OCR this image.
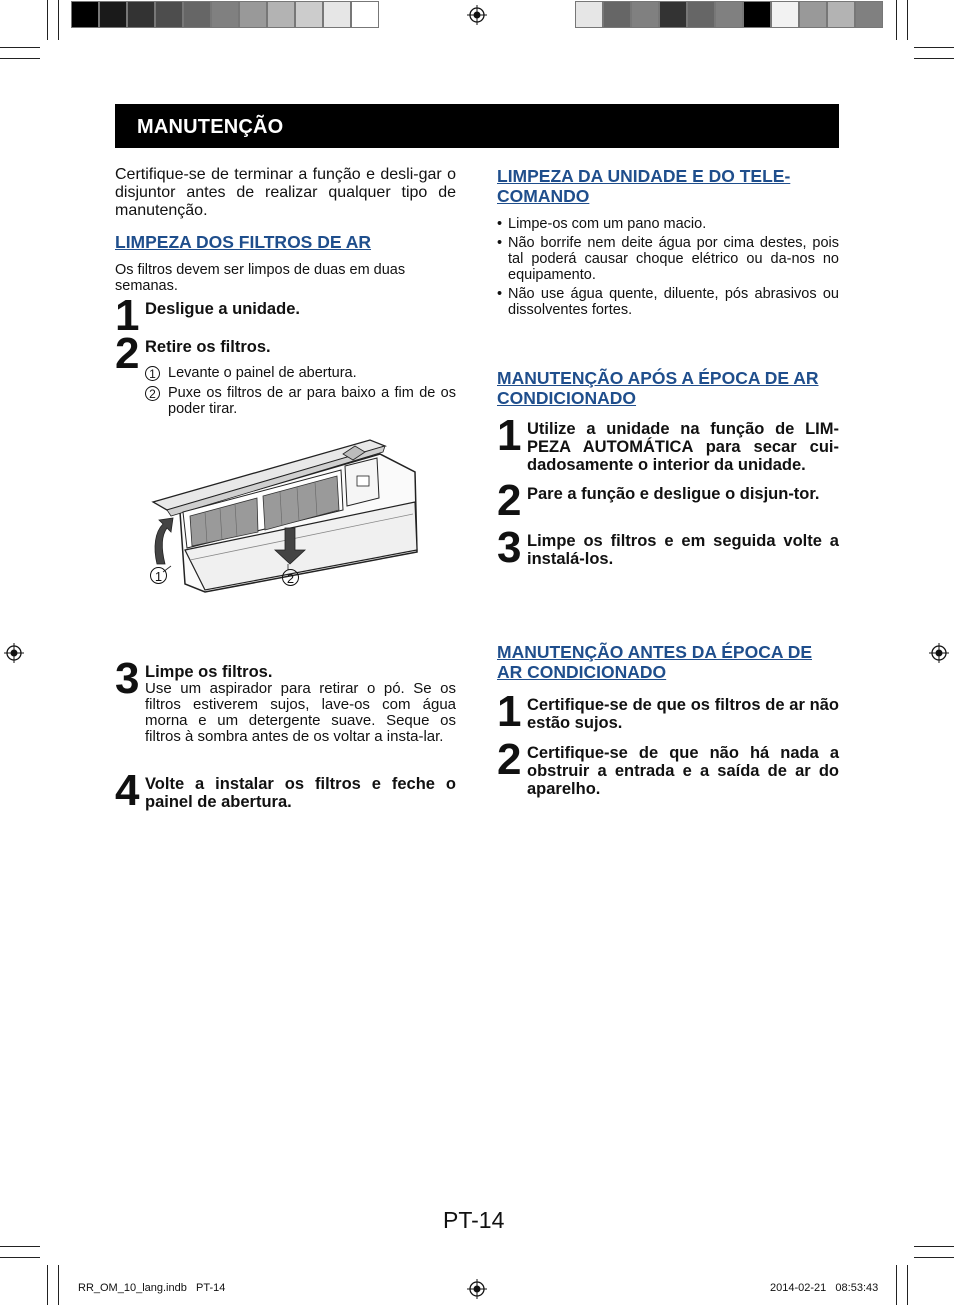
MANUTENÇÃO

Certifique-se de terminar a função e desli-gar o disjuntor antes de realizar qualquer tipo de manutenção.

LIMPEZA DOS FILTROS DE AR

Os filtros devem ser limpos de duas em duas semanas.

1 Desligue a unidade.

2 Retire os filtros.

1 Levante o painel de abertura.

2 Puxe os filtros de ar para baixo a fim de os poder tirar.

1	2
3 Limpe os filtros.

Use um aspirador para retirar o pó. Se os filtros estiverem sujos, lave-os com água morna e um detergente suave. Seque os filtros à sombra antes de os voltar a insta-lar.

4 Volte a instalar os filtros e feche o painel de abertura.

LIMPEZA DA UNIDADE E DO TELE-COMANDO

• Limpe-os com um pano macio.

• Não borrife nem deite água por cima destes, pois tal poderá causar choque elétrico ou da-nos no equipamento.

• Não use água quente, diluente, pós abrasivos ou dissolventes fortes.

MANUTENÇÃO APÓS A ÉPOCA DE AR CONDICIONADO

1 Utilize a unidade na função de LIM-PEZA AUTOMÁTICA para secar cui-dadosamente o interior da unidade.

2 Pare a função e desligue o disjun-tor.

3 Limpe os filtros e em seguida volte a instalá-los.

MANUTENÇÃO ANTES DA ÉPOCA DE AR CONDICIONADO

1 Certifique-se de que os filtros de ar não estão sujos.

2 Certifique-se de que não há nada a obstruir a entrada e a saída de ar do aparelho.

PT-14
RR_OM_10_lang.indb   PT-14	2014-02-21   08:53:43
